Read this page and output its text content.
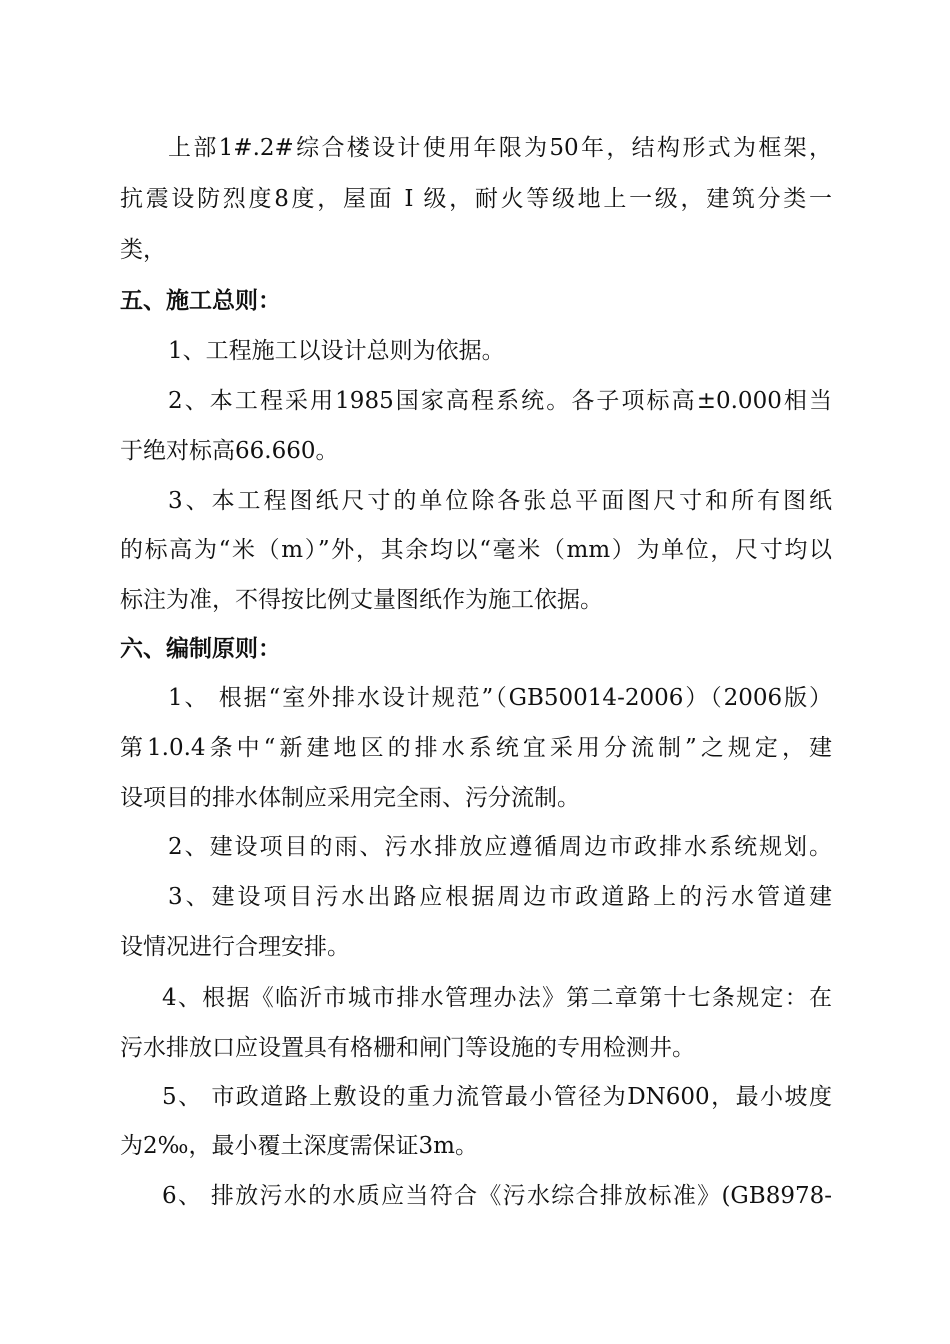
上部1#.2#综合楼设计使用年限为50年，结构形式为框架，
抗震设防烈度8度，屋面 I 级，耐火等级地上一级，建筑分类一
类，
五、施工总则：
1、工程施工以设计总则为依据。
2、本工程采用1985国家高程系统。各子项标高±0.000相当
于绝对标高66.660。
3、本工程图纸尺寸的单位除各张总平面图尺寸和所有图纸
的标高为“米（m）”外，其余均以“毫米（mm）为单位，尺寸均以
标注为准，不得按比例丈量图纸作为施工依据。
六、编制原则：
1、 根据“室外排水设计规范”（GB50014-2006）（2006版）
第1.0.4条中“新建地区的排水系统宜采用分流制”之规定，建
设项目的排水体制应采用完全雨、污分流制。
2、建设项目的雨、污水排放应遵循周边市政排水系统规划。
3、建设项目污水出路应根据周边市政道路上的污水管道建
设情况进行合理安排。
4、根据《临沂市城市排水管理办法》第二章第十七条规定：在
污水排放口应设置具有格栅和闸门等设施的专用检测井。
5、 市政道路上敷设的重力流管最小管径为DN600，最小坡度
为2‰，最小覆土深度需保证3m。
6、 排放污水的水质应当符合《污水综合排放标准》(GB8978-
